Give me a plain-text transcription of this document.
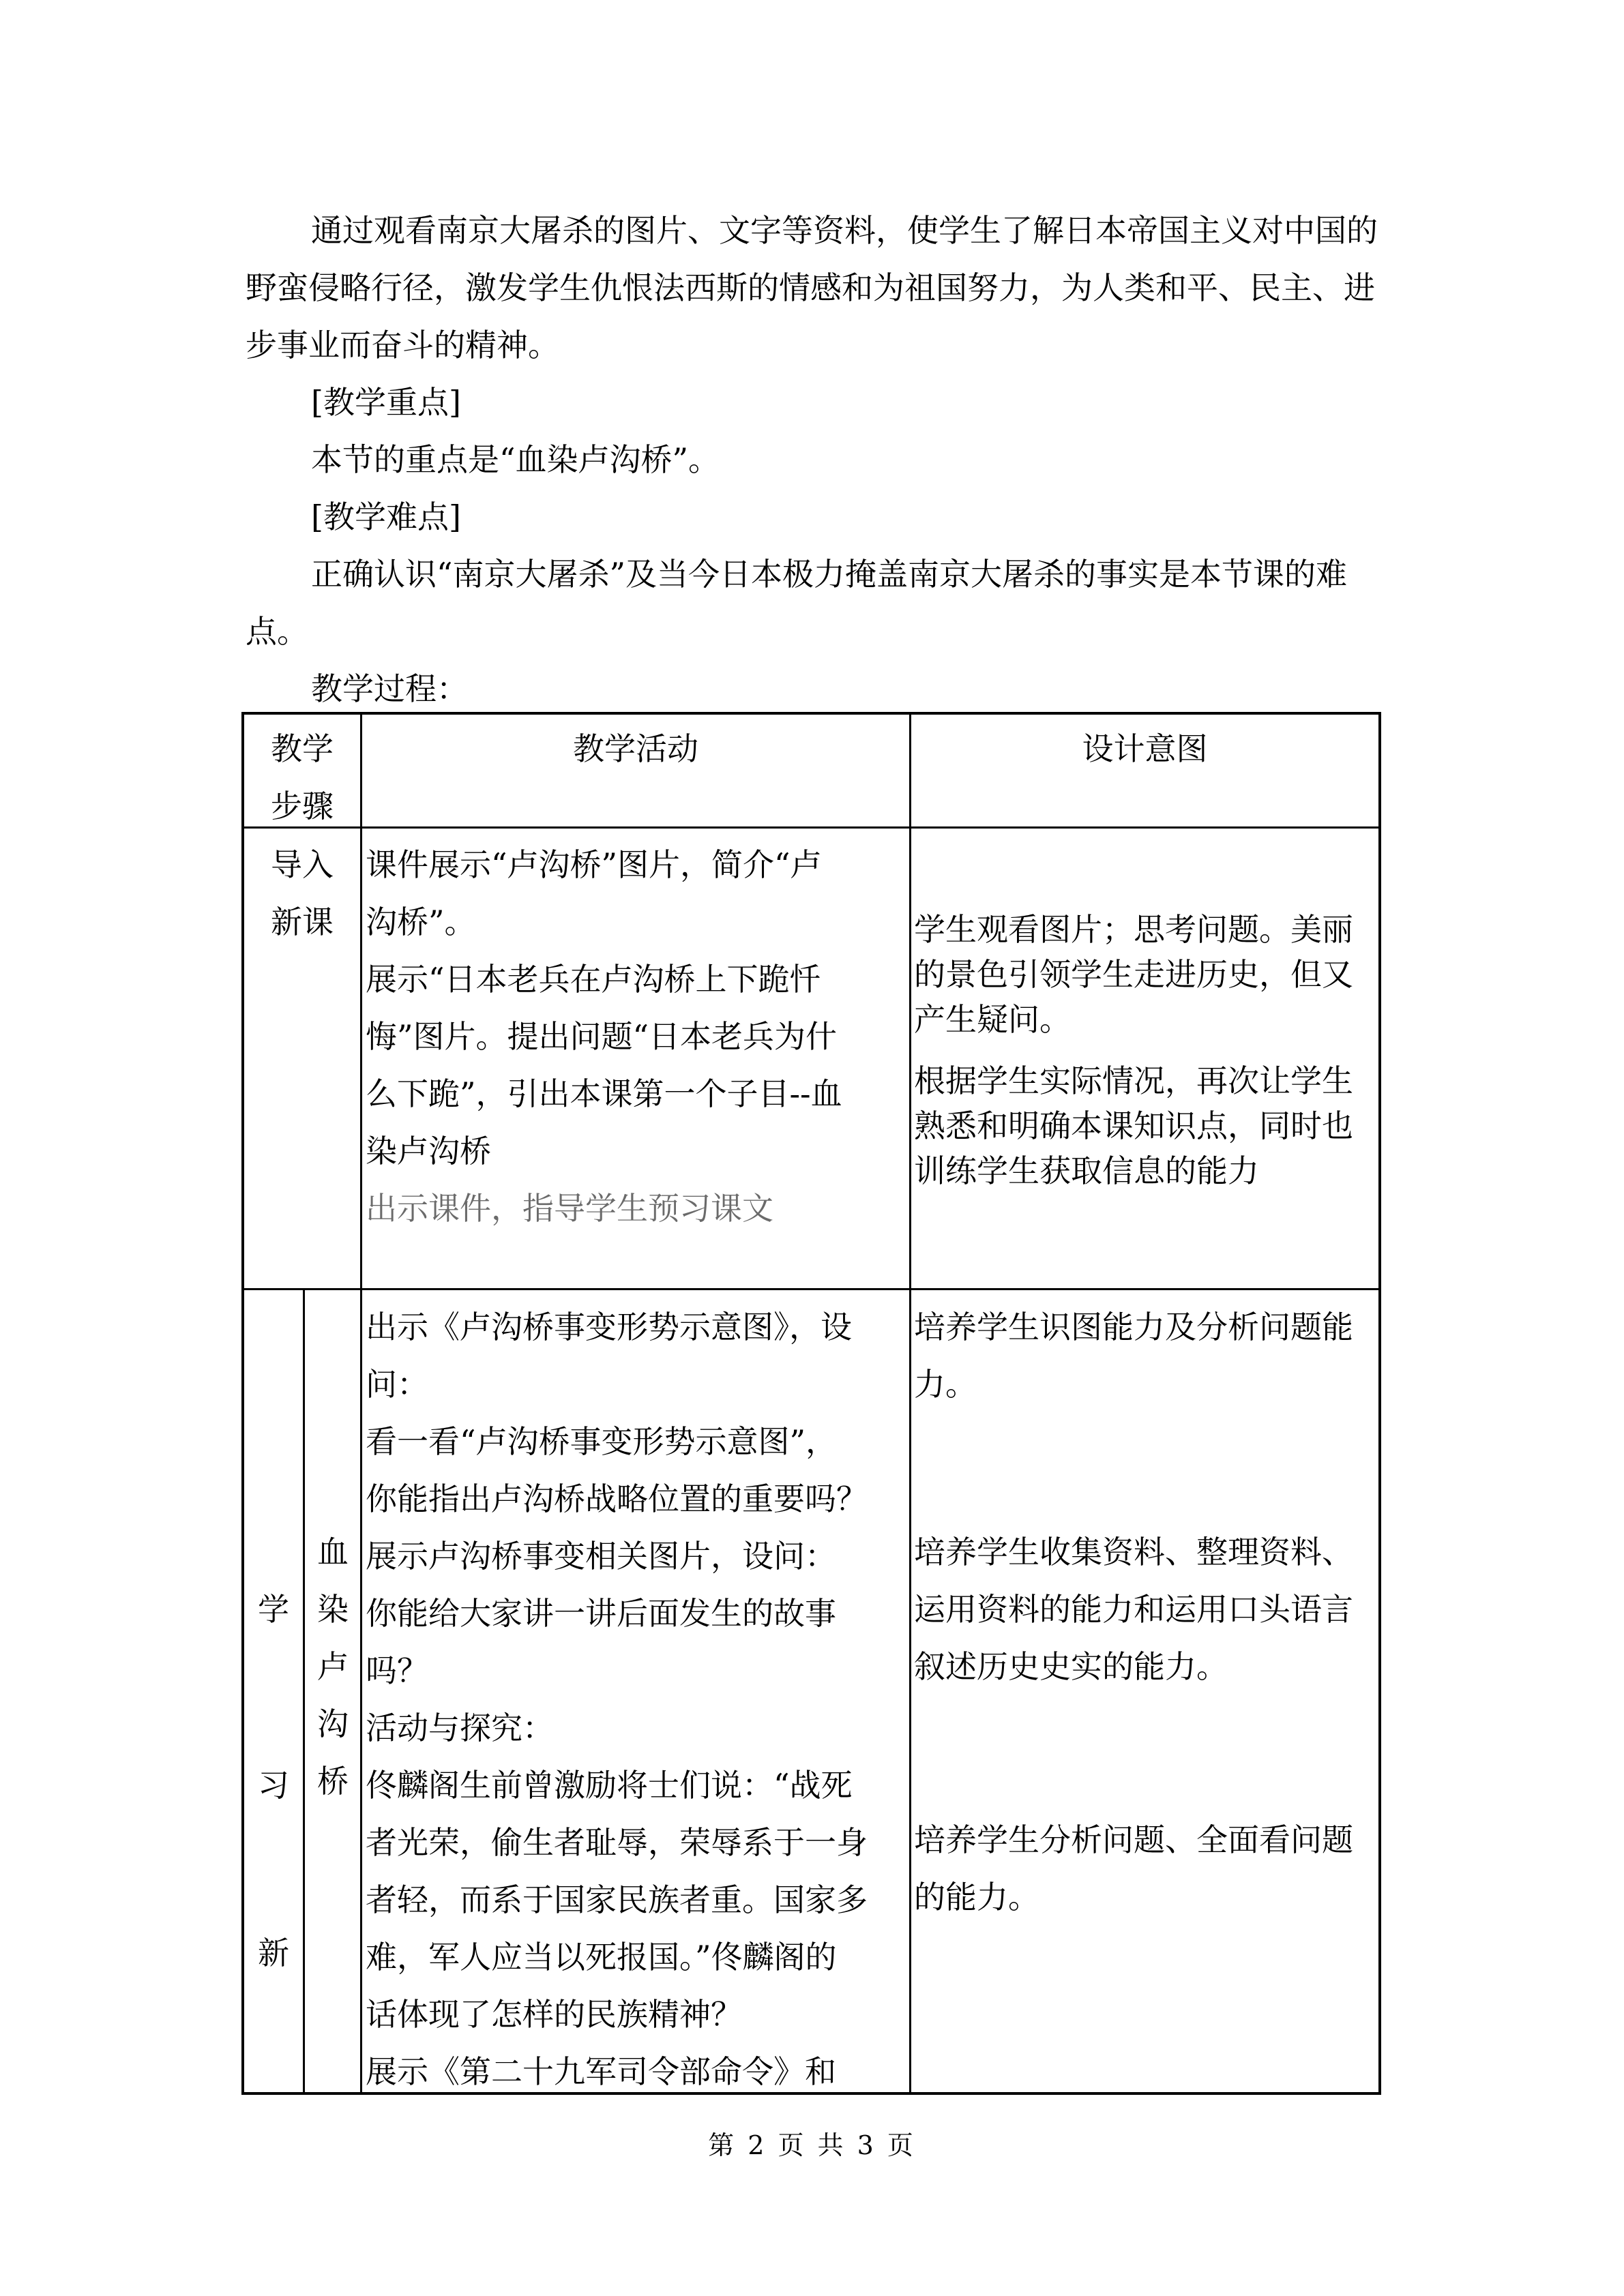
通过观看南京大屠杀的图片、文字等资料，使学生了解日本帝国主义对中国的野蛮侵略行径，激发学生仇恨法西斯的情感和为祖国努力，为人类和平、民主、进步事业而奋斗的精神。

[教学重点]

本节的重点是“血染卢沟桥”。

[教学难点]

正确认识“南京大屠杀”及当今日本极力掩盖南京大屠杀的事实是本节课的难点。

教学过程：

教学
步骤
教学活动	设计意图
导入
新课
课件展示“卢沟桥”图片，简介“卢
沟桥”。
展示“日本老兵在卢沟桥上下跪忏
悔”图片。提出问题“日本老兵为什
么下跪”，引出本课第一个子目--血
染卢沟桥
出示课件，指导学生预习课文
学生观看图片；思考问题。美丽
的景色引领学生走进历史，但又
产生疑问。
根据学生实际情况，再次让学生
熟悉和明确本课知识点，同时也
训练学生获取信息的能力
学
习
新
血
染
卢
沟
桥
出示《卢沟桥事变形势示意图》，设
问：
看一看“卢沟桥事变形势示意图”，
你能指出卢沟桥战略位置的重要吗？
展示卢沟桥事变相关图片，设问：
你能给大家讲一讲后面发生的故事
吗？
活动与探究：
佟麟阁生前曾激励将士们说：“战死
者光荣，偷生者耻辱，荣辱系于一身
者轻，而系于国家民族者重。国家多
难，军人应当以死报国。”佟麟阁的
话体现了怎样的民族精神？
展示《第二十九军司令部命令》和
培养学生识图能力及分析问题能
力。
培养学生收集资料、整理资料、
运用资料的能力和运用口头语言
叙述历史史实的能力。
培养学生分析问题、全面看问题
的能力。
第 2 页 共 3 页
